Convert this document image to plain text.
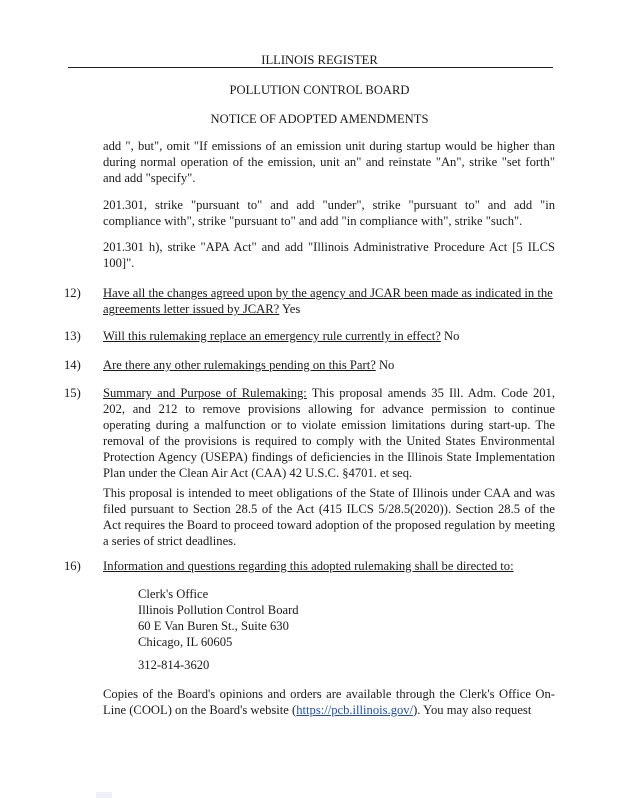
ILLINOIS REGISTER
POLLUTION CONTROL BOARD
NOTICE OF ADOPTED AMENDMENTS
add ", but", omit "If emissions of an emission unit during startup would be higher than during normal operation of the emission, unit an" and reinstate "An", strike "set forth" and add "specify".
201.301, strike "pursuant to" and add "under", strike "pursuant to" and add "in compliance with", strike "pursuant to" and add "in compliance with", strike "such".
201.301 h), strike "APA Act" and add "Illinois Administrative Procedure Act [5 ILCS 100]".
12) Have all the changes agreed upon by the agency and JCAR been made as indicated in the agreements letter issued by JCAR? Yes
13) Will this rulemaking replace an emergency rule currently in effect? No
14) Are there any other rulemakings pending on this Part? No
15) Summary and Purpose of Rulemaking: This proposal amends 35 Ill. Adm. Code 201, 202, and 212 to remove provisions allowing for advance permission to continue operating during a malfunction or to violate emission limitations during start-up. The removal of the provisions is required to comply with the United States Environmental Protection Agency (USEPA) findings of deficiencies in the Illinois State Implementation Plan under the Clean Air Act (CAA) 42 U.S.C. §4701. et seq.
This proposal is intended to meet obligations of the State of Illinois under CAA and was filed pursuant to Section 28.5 of the Act (415 ILCS 5/28.5(2020)). Section 28.5 of the Act requires the Board to proceed toward adoption of the proposed regulation by meeting a series of strict deadlines.
16) Information and questions regarding this adopted rulemaking shall be directed to:
Clerk's Office
Illinois Pollution Control Board
60 E Van Buren St., Suite 630
Chicago, IL 60605
312-814-3620
Copies of the Board's opinions and orders are available through the Clerk's Office On-Line (COOL) on the Board's website (https://pcb.illinois.gov/). You may also request
